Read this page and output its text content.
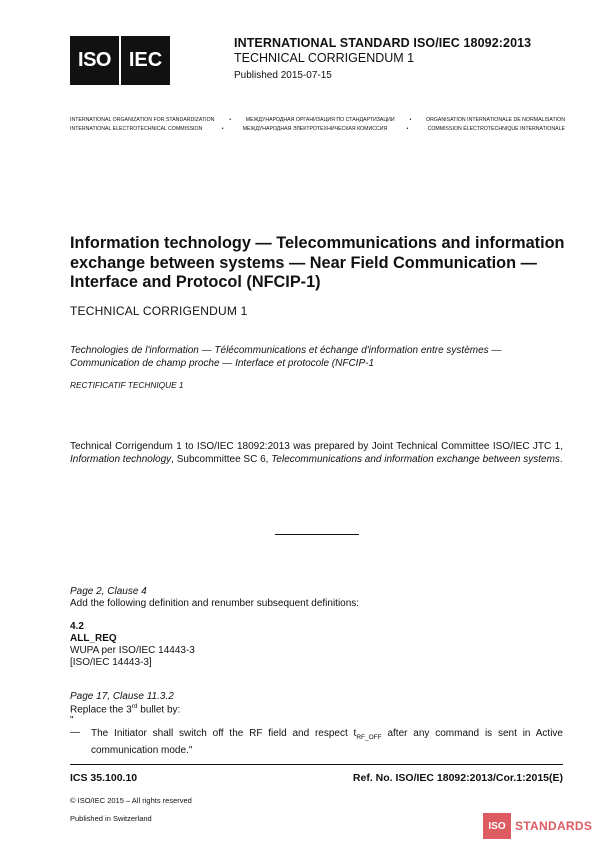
ISO IEC
INTERNATIONAL STANDARD ISO/IEC 18092:2013
TECHNICAL CORRIGENDUM 1
Published 2015-07-15
INTERNATIONAL ORGANIZATION FOR STANDARDIZATION	•	МЕЖДУНАРОДНАЯ ОРГАНИЗАЦИЯ ПО СТАНДАРТИЗАЦИИ	•	ORGANISATION INTERNATIONALE DE NORMALISATION
INTERNATIONAL ELECTROTECHNICAL COMMISSION	•	МЕЖДУНАРОДНАЯ ЭЛЕКТРОТЕХНИЧЕСКАЯ КОМИССИЯ	•	COMMISSION ÉLECTROTECHNIQUE INTERNATIONALE
Information technology — Telecommunications and information
exchange between systems — Near Field Communication —
Interface and Protocol (NFCIP-1)
TECHNICAL CORRIGENDUM 1
Technologies de l'information — Télécommunications et échange d'information entre systèmes —
Communication de champ proche — Interface et protocole (NFCIP-1
RECTIFICATIF TECHNIQUE 1
Technical Corrigendum 1 to ISO/IEC 18092:2013 was prepared by Joint Technical Committee ISO/IEC JTC 1, Information technology, Subcommittee SC 6, Telecommunications and information exchange between systems.
Page 2, Clause 4
Add the following definition and renumber subsequent definitions:
4.2
ALL_REQ
WUPA per ISO/IEC 14443-3
[ISO/IEC 14443-3]
Page 17, Clause 11.3.2
Replace the 3rd bullet by:
"
— The Initiator shall switch off the RF field and respect $t_{RF\_OFF}$ after any command is sent in Active communication mode."
ICS 35.100.10	Ref. No. ISO/IEC 18092:2013/Cor.1:2015(E)
© ISO/IEC 2015 – All rights reserved
Published in Switzerland
ISO STANDARDS
